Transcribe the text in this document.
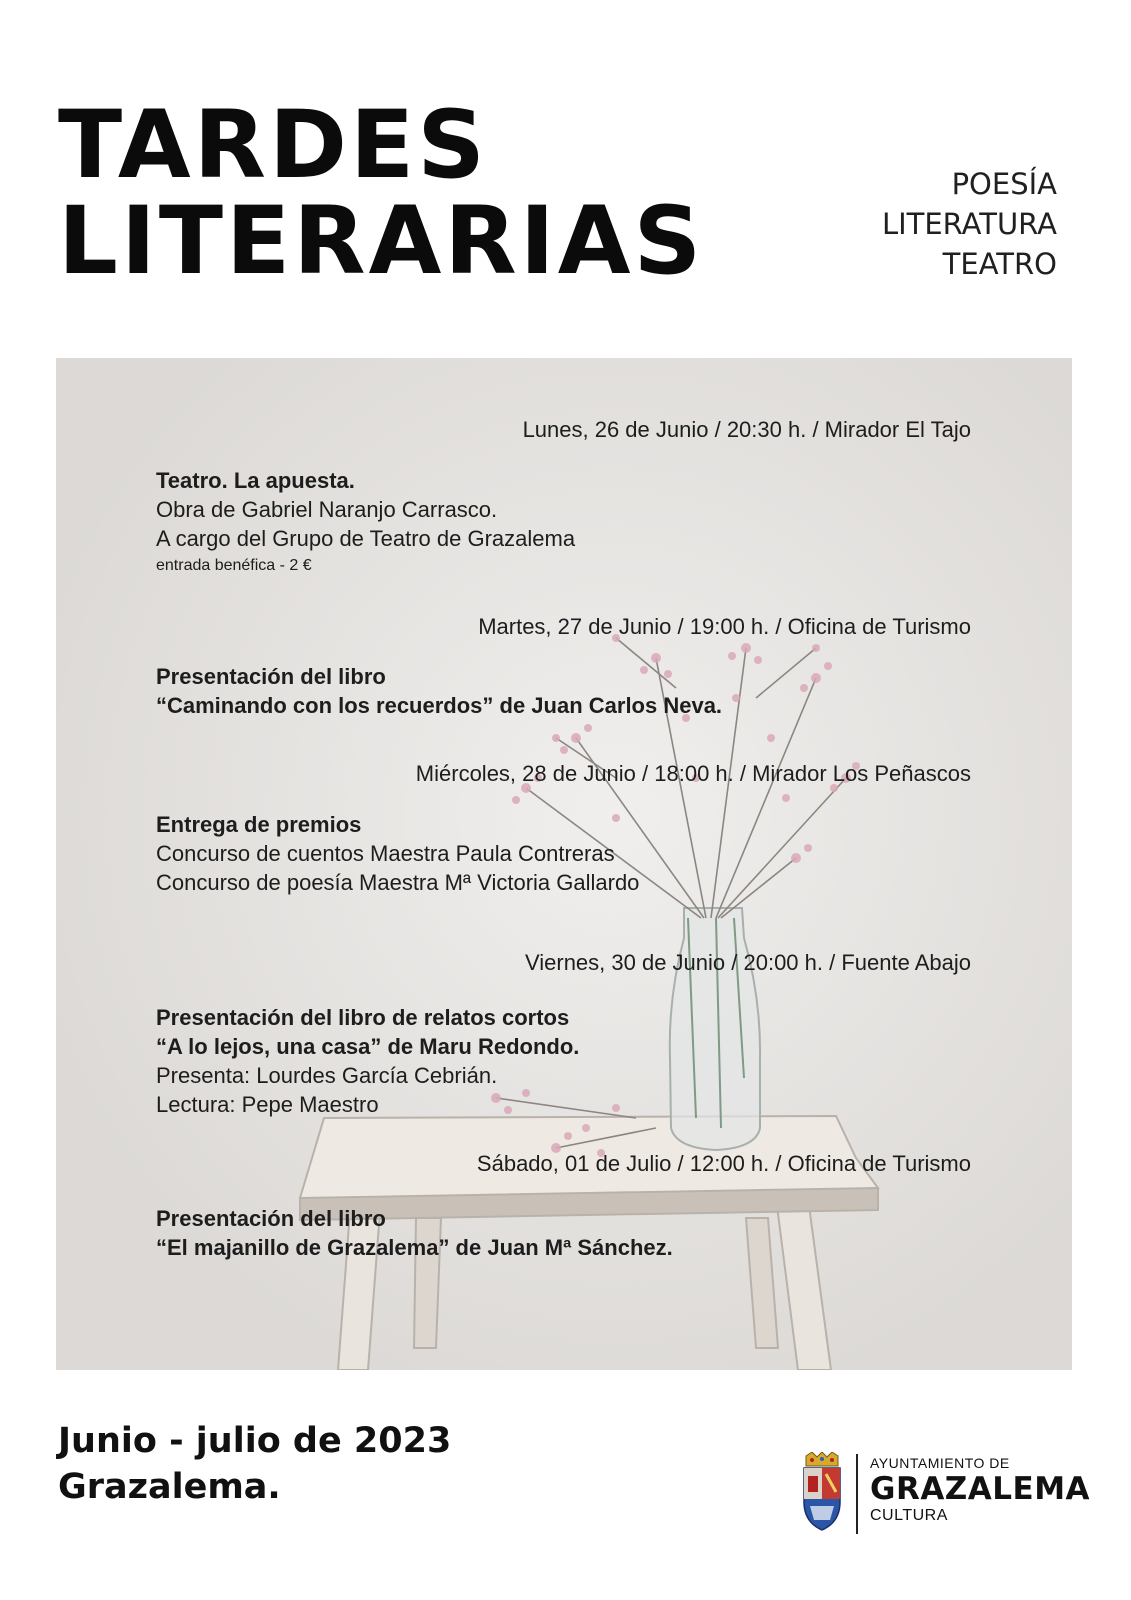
TARDES
LITERARIAS
POESÍA
LITERATURA
TEATRO
Lunes, 26 de Junio / 20:30 h. / Mirador El Tajo
Teatro. La apuesta.
Obra de Gabriel Naranjo Carrasco.
A cargo del Grupo de Teatro de Grazalema
entrada benéfica - 2 €
Martes, 27 de Junio / 19:00 h. / Oficina de Turismo
Presentación del libro
“Caminando con los recuerdos” de Juan Carlos Neva.
Miércoles, 28 de Junio / 18:00 h. / Mirador Los Peñascos
Entrega de premios
Concurso de cuentos Maestra Paula Contreras
Concurso de poesía Maestra Mª Victoria Gallardo
Viernes, 30 de Junio / 20:00 h. / Fuente Abajo
Presentación del libro de relatos cortos
“A lo lejos, una casa” de Maru Redondo.
Presenta: Lourdes García Cebrián.
Lectura: Pepe Maestro
Sábado, 01 de Julio / 12:00 h. / Oficina de Turismo
Presentación del libro
“El majanillo de Grazalema” de Juan Mª Sánchez.
Junio - julio de 2023
Grazalema.
AYUNTAMIENTO DE
GRAZALEMA
CULTURA
